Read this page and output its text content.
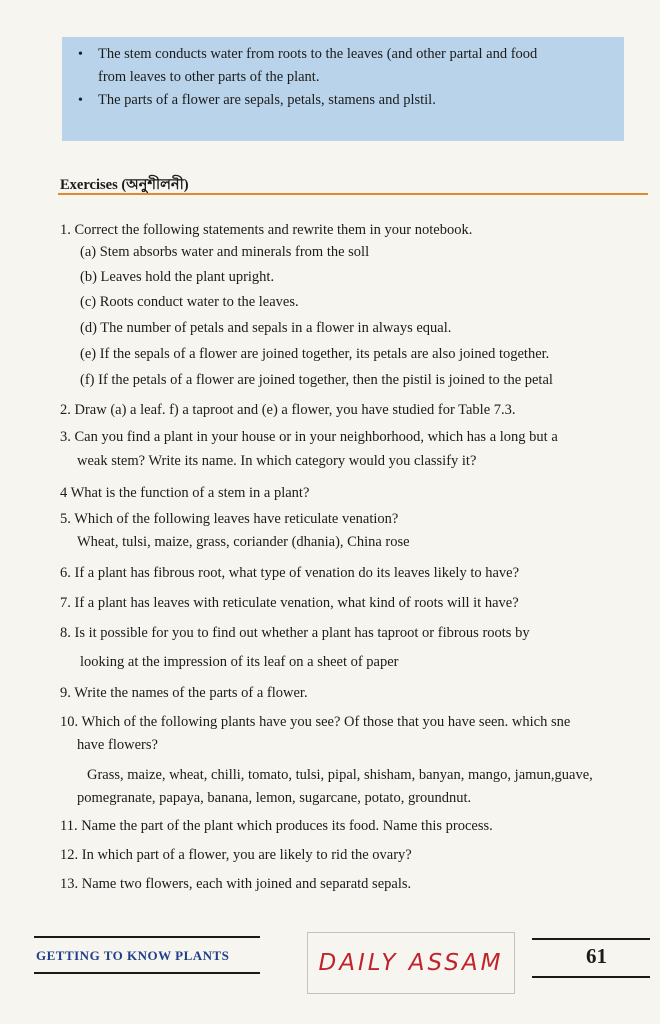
• The stem conducts water from roots to the leaves (and other partal and food
from leaves to other parts of the plant.
• The parts of a flower are sepals, petals, stamens and plstil.
Exercises (অনুশীলনী)
1. Correct the following statements and rewrite them in your notebook.
(a) Stem absorbs water and minerals from the soll
(b) Leaves hold the plant upright.
(c) Roots conduct water to the leaves.
(d) The number of petals and sepals in a flower in always equal.
(e) If the sepals of a flower are joined together, its petals are also joined together.
(f) If the petals of a flower are joined together, then the pistil is joined to the petal
2. Draw (a) a leaf. f) a taproot and (e) a flower, you have studied for Table 7.3.
3. Can you find a plant in your house or in your neighborhood, which has a long but a
weak stem? Write its name. In which category would you classify it?
4 What is the function of a stem in a plant?
5. Which of the following leaves have reticulate venation?
Wheat, tulsi, maize, grass, coriander (dhania), China rose
6. If a plant has fibrous root, what type of venation do its leaves likely to have?
7. If a plant has leaves with reticulate venation, what kind of roots will it have?
8. Is it possible for you to find out whether a plant has taproot or fibrous roots by
looking at the impression of its leaf on a sheet of paper
9. Write the names of the parts of a flower.
10. Which of the following plants have you see? Of those that you have seen. which sne
have flowers?
Grass, maize, wheat, chilli, tomato, tulsi, pipal, shisham, banyan, mango, jamun,guave,
pomegranate, papaya, banana, lemon, sugarcane, potato, groundnut.
11. Name the part of the plant which produces its food. Name this process.
12. In which part of a flower, you are likely to rid the ovary?
13. Name two flowers, each with joined and separatd sepals.
GETTING TO KNOW PLANTS	DAILY ASSAM	61
